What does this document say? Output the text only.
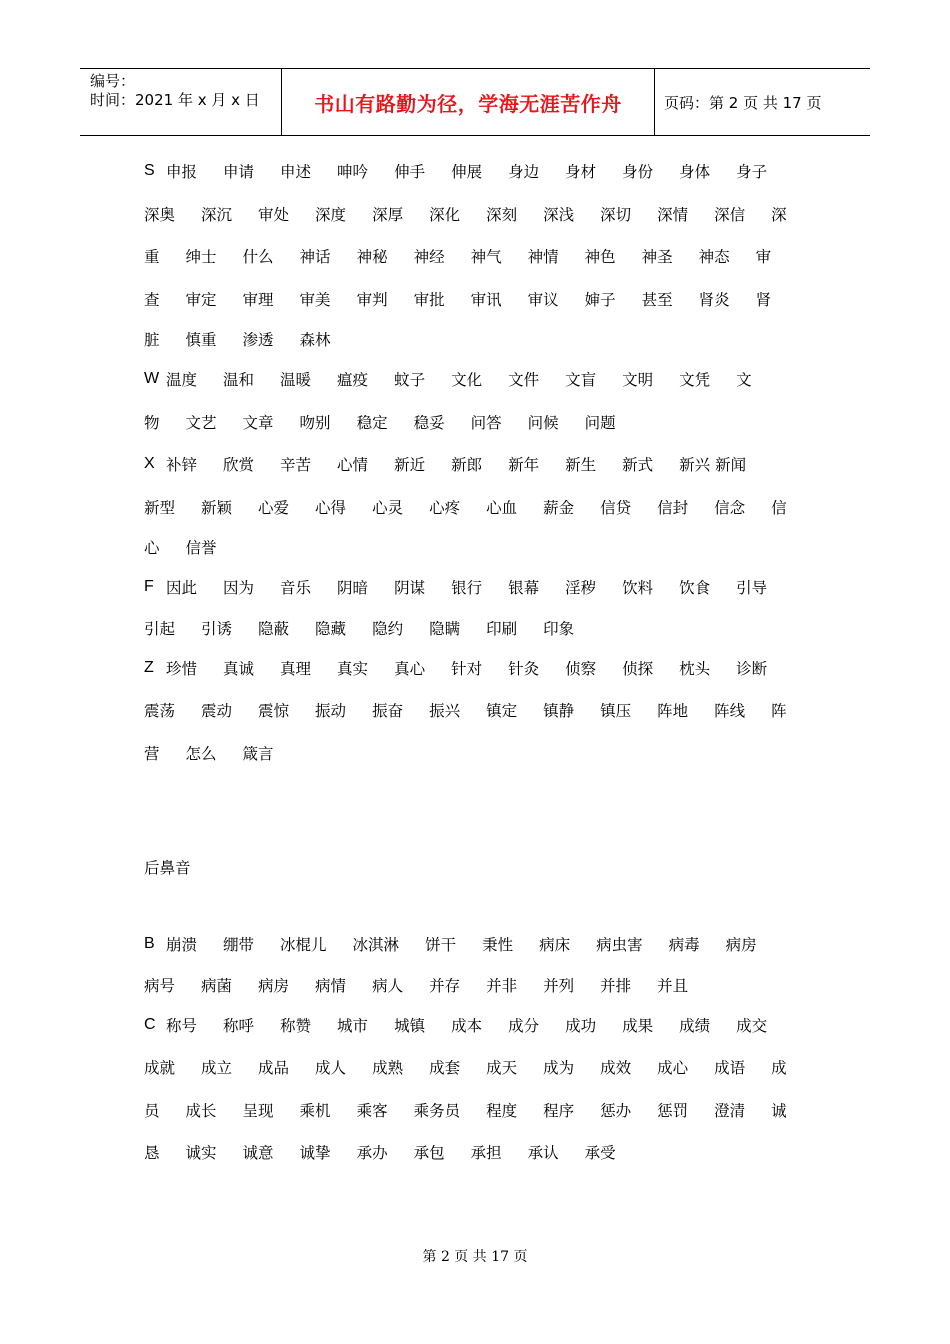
编号：
时间：2021 年 x 月 x 日	书山有路勤为径，学海无涯苦作舟	页码：第 2 页 共 17 页
S 申报 申请 申述 呻吟 伸手 伸展 身边 身材 身份 身体 身子
深奥 深沉 审处 深度 深厚 深化 深刻 深浅 深切 深情 深信 深
重 绅士 什么 神话 神秘 神经 神气 神情 神色 神圣 神态 审
查 审定 审理 审美 审判 审批 审讯 审议 婶子 甚至 肾炎 肾
脏 慎重 渗透 森林
W 温度 温和 温暖 瘟疫 蚊子 文化 文件 文盲 文明 文凭 文
物 文艺 文章 吻别 稳定 稳妥 问答 问候 问题
X 补锌 欣赏 辛苦 心情 新近 新郎 新年 新生 新式 新兴 新闻
新型 新颖 心爱 心得 心灵 心疼 心血 薪金 信贷 信封 信念 信
心 信誉
F 因此 因为 音乐 阴暗 阴谋 银行 银幕 淫秽 饮料 饮食 引导
引起 引诱 隐蔽 隐藏 隐约 隐瞒 印刷 印象
Z 珍惜 真诚 真理 真实 真心 针对 针灸 侦察 侦探 枕头 诊断
震荡 震动 震惊 振动 振奋 振兴 镇定 镇静 镇压 阵地 阵线 阵
营 怎么 箴言
后鼻音
B 崩溃 绷带 冰棍儿 冰淇淋 饼干 秉性 病床 病虫害 病毒 病房
病号 病菌 病房 病情 病人 并存 并非 并列 并排 并且
C 称号 称呼 称赞 城市 城镇 成本 成分 成功 成果 成绩 成交
成就 成立 成品 成人 成熟 成套 成天 成为 成效 成心 成语 成
员 成长 呈现 乘机 乘客 乘务员 程度 程序 惩办 惩罚 澄清 诚
恳 诚实 诚意 诚挚 承办 承包 承担 承认 承受
第 2 页 共 17 页
